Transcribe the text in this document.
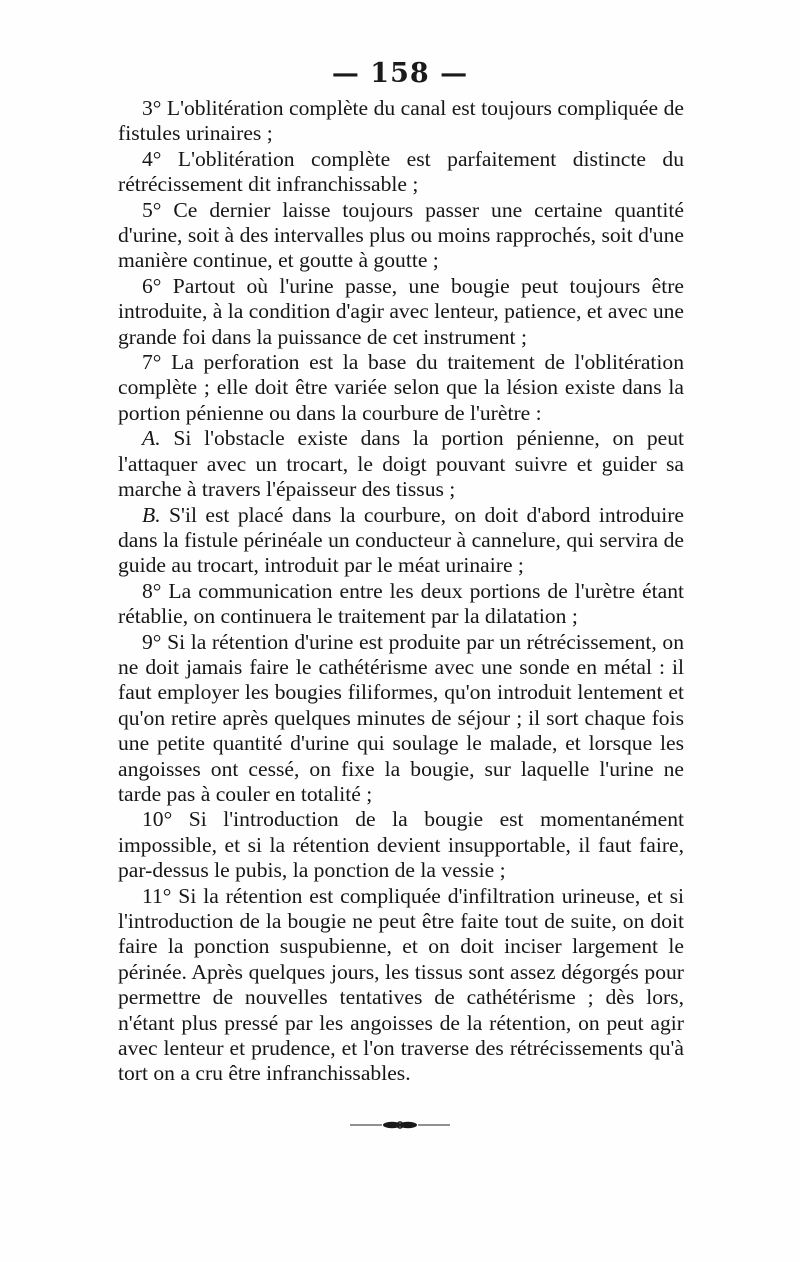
— 158 —

3° L'oblitération complète du canal est toujours compliquée de fistules urinaires ;

4° L'oblitération complète est parfaitement distincte du rétrécissement dit infranchissable ;

5° Ce dernier laisse toujours passer une certaine quantité d'urine, soit à des intervalles plus ou moins rapprochés, soit d'une manière continue, et goutte à goutte ;

6° Partout où l'urine passe, une bougie peut toujours être introduite, à la condition d'agir avec lenteur, patience, et avec une grande foi dans la puissance de cet instrument ;

7° La perforation est la base du traitement de l'oblitération complète ; elle doit être variée selon que la lésion existe dans la portion pénienne ou dans la courbure de l'urètre :

A. Si l'obstacle existe dans la portion pénienne, on peut l'attaquer avec un trocart, le doigt pouvant suivre et guider sa marche à travers l'épaisseur des tissus ;

B. S'il est placé dans la courbure, on doit d'abord introduire dans la fistule périnéale un conducteur à cannelure, qui servira de guide au trocart, introduit par le méat urinaire ;

8° La communication entre les deux portions de l'urètre étant rétablie, on continuera le traitement par la dilatation ;

9° Si la rétention d'urine est produite par un rétrécissement, on ne doit jamais faire le cathétérisme avec une sonde en métal : il faut employer les bougies filiformes, qu'on introduit lentement et qu'on retire après quelques minutes de séjour ; il sort chaque fois une petite quantité d'urine qui soulage le malade, et lorsque les angoisses ont cessé, on fixe la bougie, sur laquelle l'urine ne tarde pas à couler en totalité ;

10° Si l'introduction de la bougie est momentanément impossible, et si la rétention devient insupportable, il faut faire, par-dessus le pubis, la ponction de la vessie ;

11° Si la rétention est compliquée d'infiltration urineuse, et si l'introduction de la bougie ne peut être faite tout de suite, on doit faire la ponction suspubienne, et on doit inciser largement le périnée. Après quelques jours, les tissus sont assez dégorgés pour permettre de nouvelles tentatives de cathétérisme ; dès lors, n'étant plus pressé par les angoisses de la rétention, on peut agir avec lenteur et prudence, et l'on traverse des rétrécissements qu'à tort on a cru être infranchissables.
